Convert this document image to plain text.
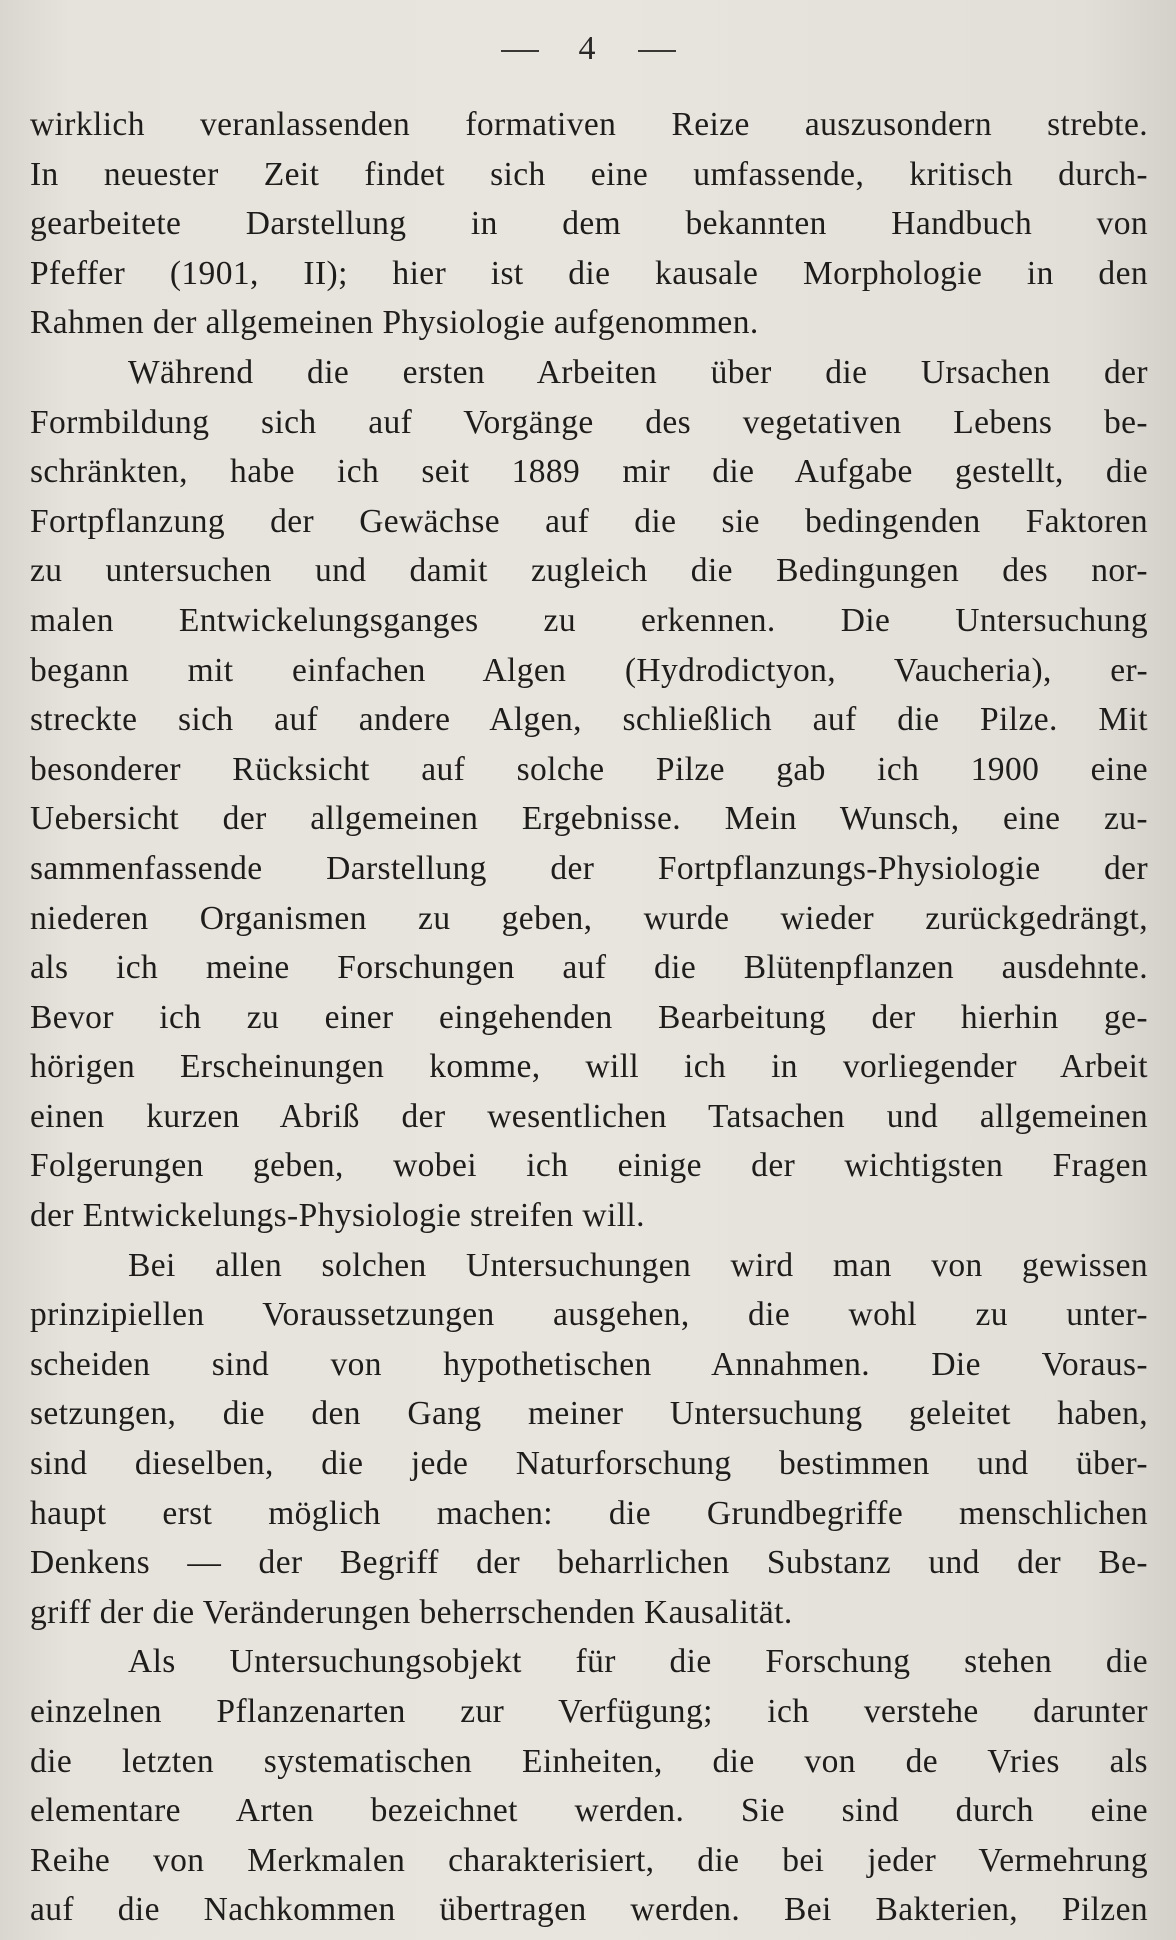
4
wirklich veranlassenden formativen Reize auszusondern strebte.
In neuester Zeit findet sich eine umfassende, kritisch durch-
gearbeitete Darstellung in dem bekannten Handbuch von
Pfeffer (1901, II); hier ist die kausale Morphologie in den
Rahmen der allgemeinen Physiologie aufgenommen.
Während die ersten Arbeiten über die Ursachen der
Formbildung sich auf Vorgänge des vegetativen Lebens be-
schränkten, habe ich seit 1889 mir die Aufgabe gestellt, die
Fortpflanzung der Gewächse auf die sie bedingenden Faktoren
zu untersuchen und damit zugleich die Bedingungen des nor-
malen Entwickelungsganges zu erkennen. Die Untersuchung
begann mit einfachen Algen (Hydrodictyon, Vaucheria), er-
streckte sich auf andere Algen, schließlich auf die Pilze. Mit
besonderer Rücksicht auf solche Pilze gab ich 1900 eine
Uebersicht der allgemeinen Ergebnisse. Mein Wunsch, eine zu-
sammenfassende Darstellung der Fortpflanzungs-Physiologie der
niederen Organismen zu geben, wurde wieder zurückgedrängt,
als ich meine Forschungen auf die Blütenpflanzen ausdehnte.
Bevor ich zu einer eingehenden Bearbeitung der hierhin ge-
hörigen Erscheinungen komme, will ich in vorliegender Arbeit
einen kurzen Abriß der wesentlichen Tatsachen und allgemeinen
Folgerungen geben, wobei ich einige der wichtigsten Fragen
der Entwickelungs-Physiologie streifen will.
Bei allen solchen Untersuchungen wird man von gewissen
prinzipiellen Voraussetzungen ausgehen, die wohl zu unter-
scheiden sind von hypothetischen Annahmen. Die Voraus-
setzungen, die den Gang meiner Untersuchung geleitet haben,
sind dieselben, die jede Naturforschung bestimmen und über-
haupt erst möglich machen: die Grundbegriffe menschlichen
Denkens — der Begriff der beharrlichen Substanz und der Be-
griff der die Veränderungen beherrschenden Kausalität.
Als Untersuchungsobjekt für die Forschung stehen die
einzelnen Pflanzenarten zur Verfügung; ich verstehe darunter
die letzten systematischen Einheiten, die von de Vries als
elementare Arten bezeichnet werden. Sie sind durch eine
Reihe von Merkmalen charakterisiert, die bei jeder Vermehrung
auf die Nachkommen übertragen werden. Bei Bakterien, Pilzen
